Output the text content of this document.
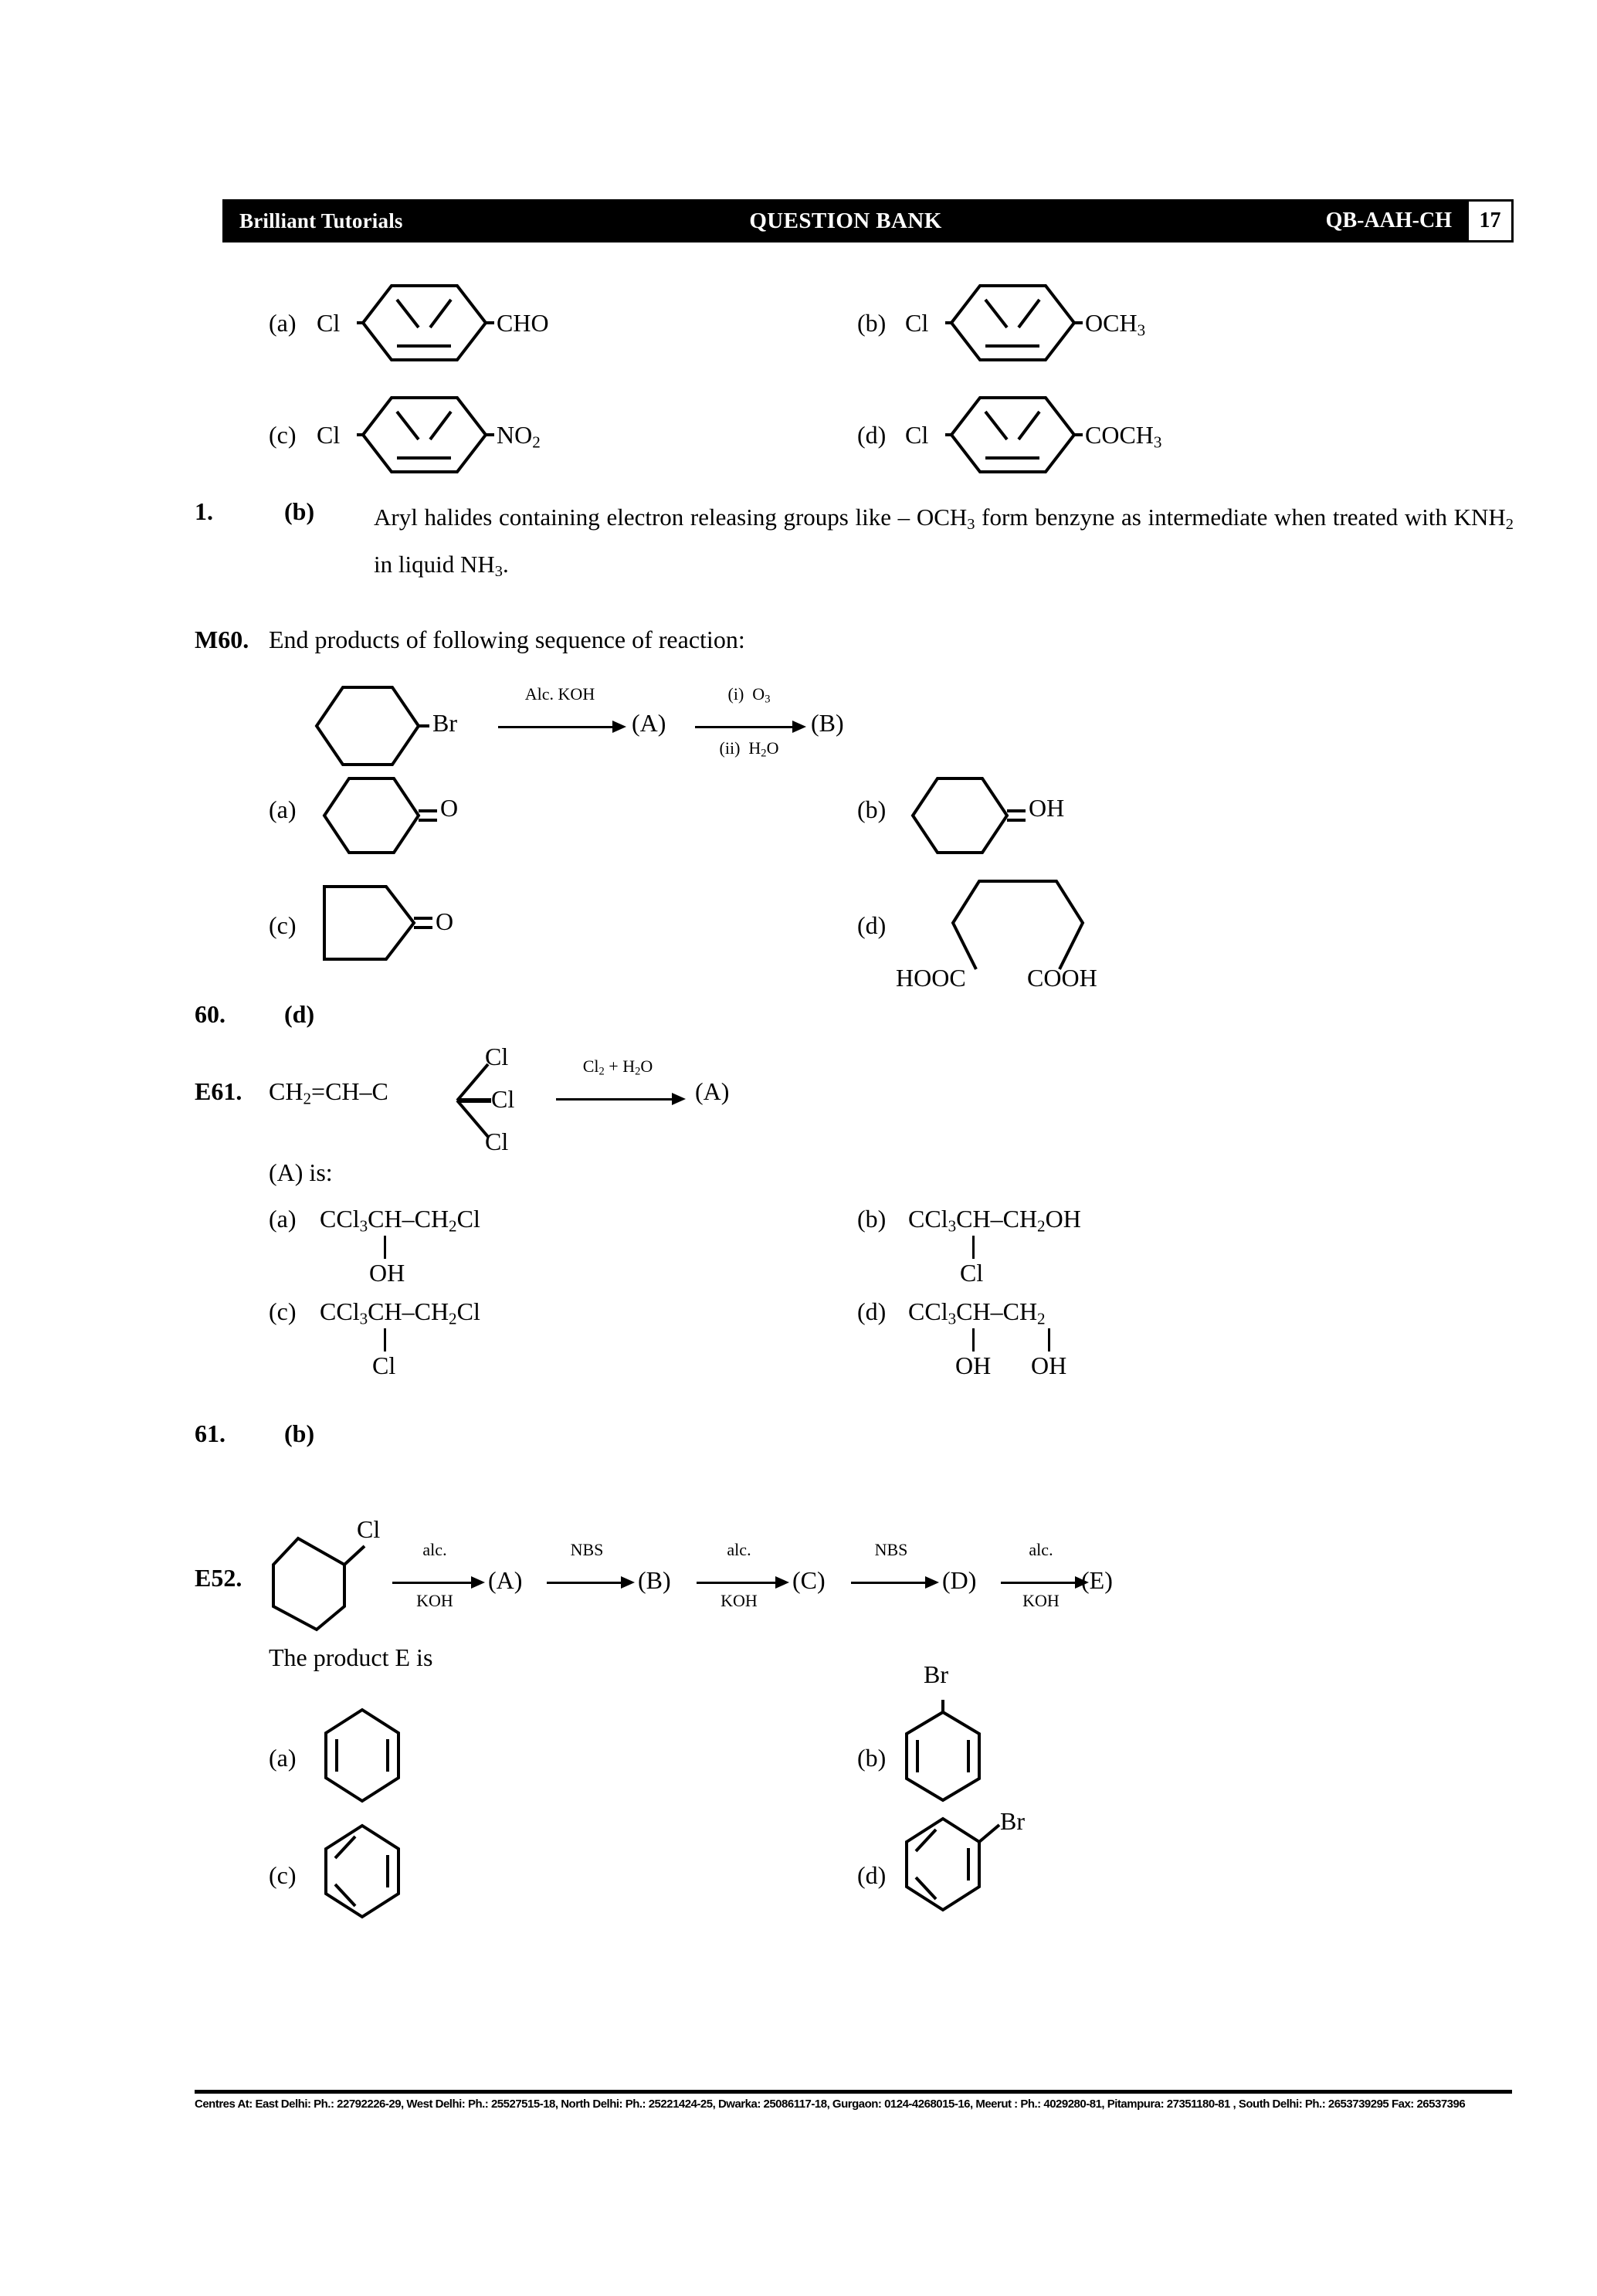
Brilliant Tutorials	QUESTION BANK	QB-AAH-CH	17
(a) Cl	CHO	(b) Cl	$OCH_3$
(c) Cl	$NO_2$	(d) Cl	$COCH_3$
1.	(b) Aryl halides containing electron releasing groups like – $OCH_3$ form benzyne as intermediate when treated with $KNH_2$ in liquid $NH_3$.
M60. End products of following sequence of reaction:
Br
Alc. KOH
(A)
(i)  $O_3$
(ii)  $H_2O$
(B)
(a)	O	(b)	OH
(c)	O	(d)
HOOC COOH
60. (d)
E61. $CH_2=CH-C$
Cl
Cl
Cl
$Cl_2 + H_2O$
(A)
(A) is:
(a) $CCl_3CH-CH_2Cl$
OH
(b) $CCl_3CH-CH_2OH$
Cl
(c) $CCl_3CH-CH_2Cl$
Cl
(d) $CCl_3CH-CH_2$
OH OH
61. (b)
E52.
Cl
alc.
KOH
(A)
NBS
(B)
alc.
KOH
(C)
NBS
(D)
alc.
KOH
(E)
The product E is
(a)	(b)
Br
(c)	(d)
Br
Centres At: East Delhi: Ph.: 22792226-29, West Delhi: Ph.: 25527515-18, North Delhi: Ph.: 25221424-25, Dwarka: 25086117-18, Gurgaon: 0124-4268015-16, Meerut : Ph.: 4029280-81, Pitampura: 27351180-81 , South Delhi: Ph.: 2653739295 Fax: 26537396
